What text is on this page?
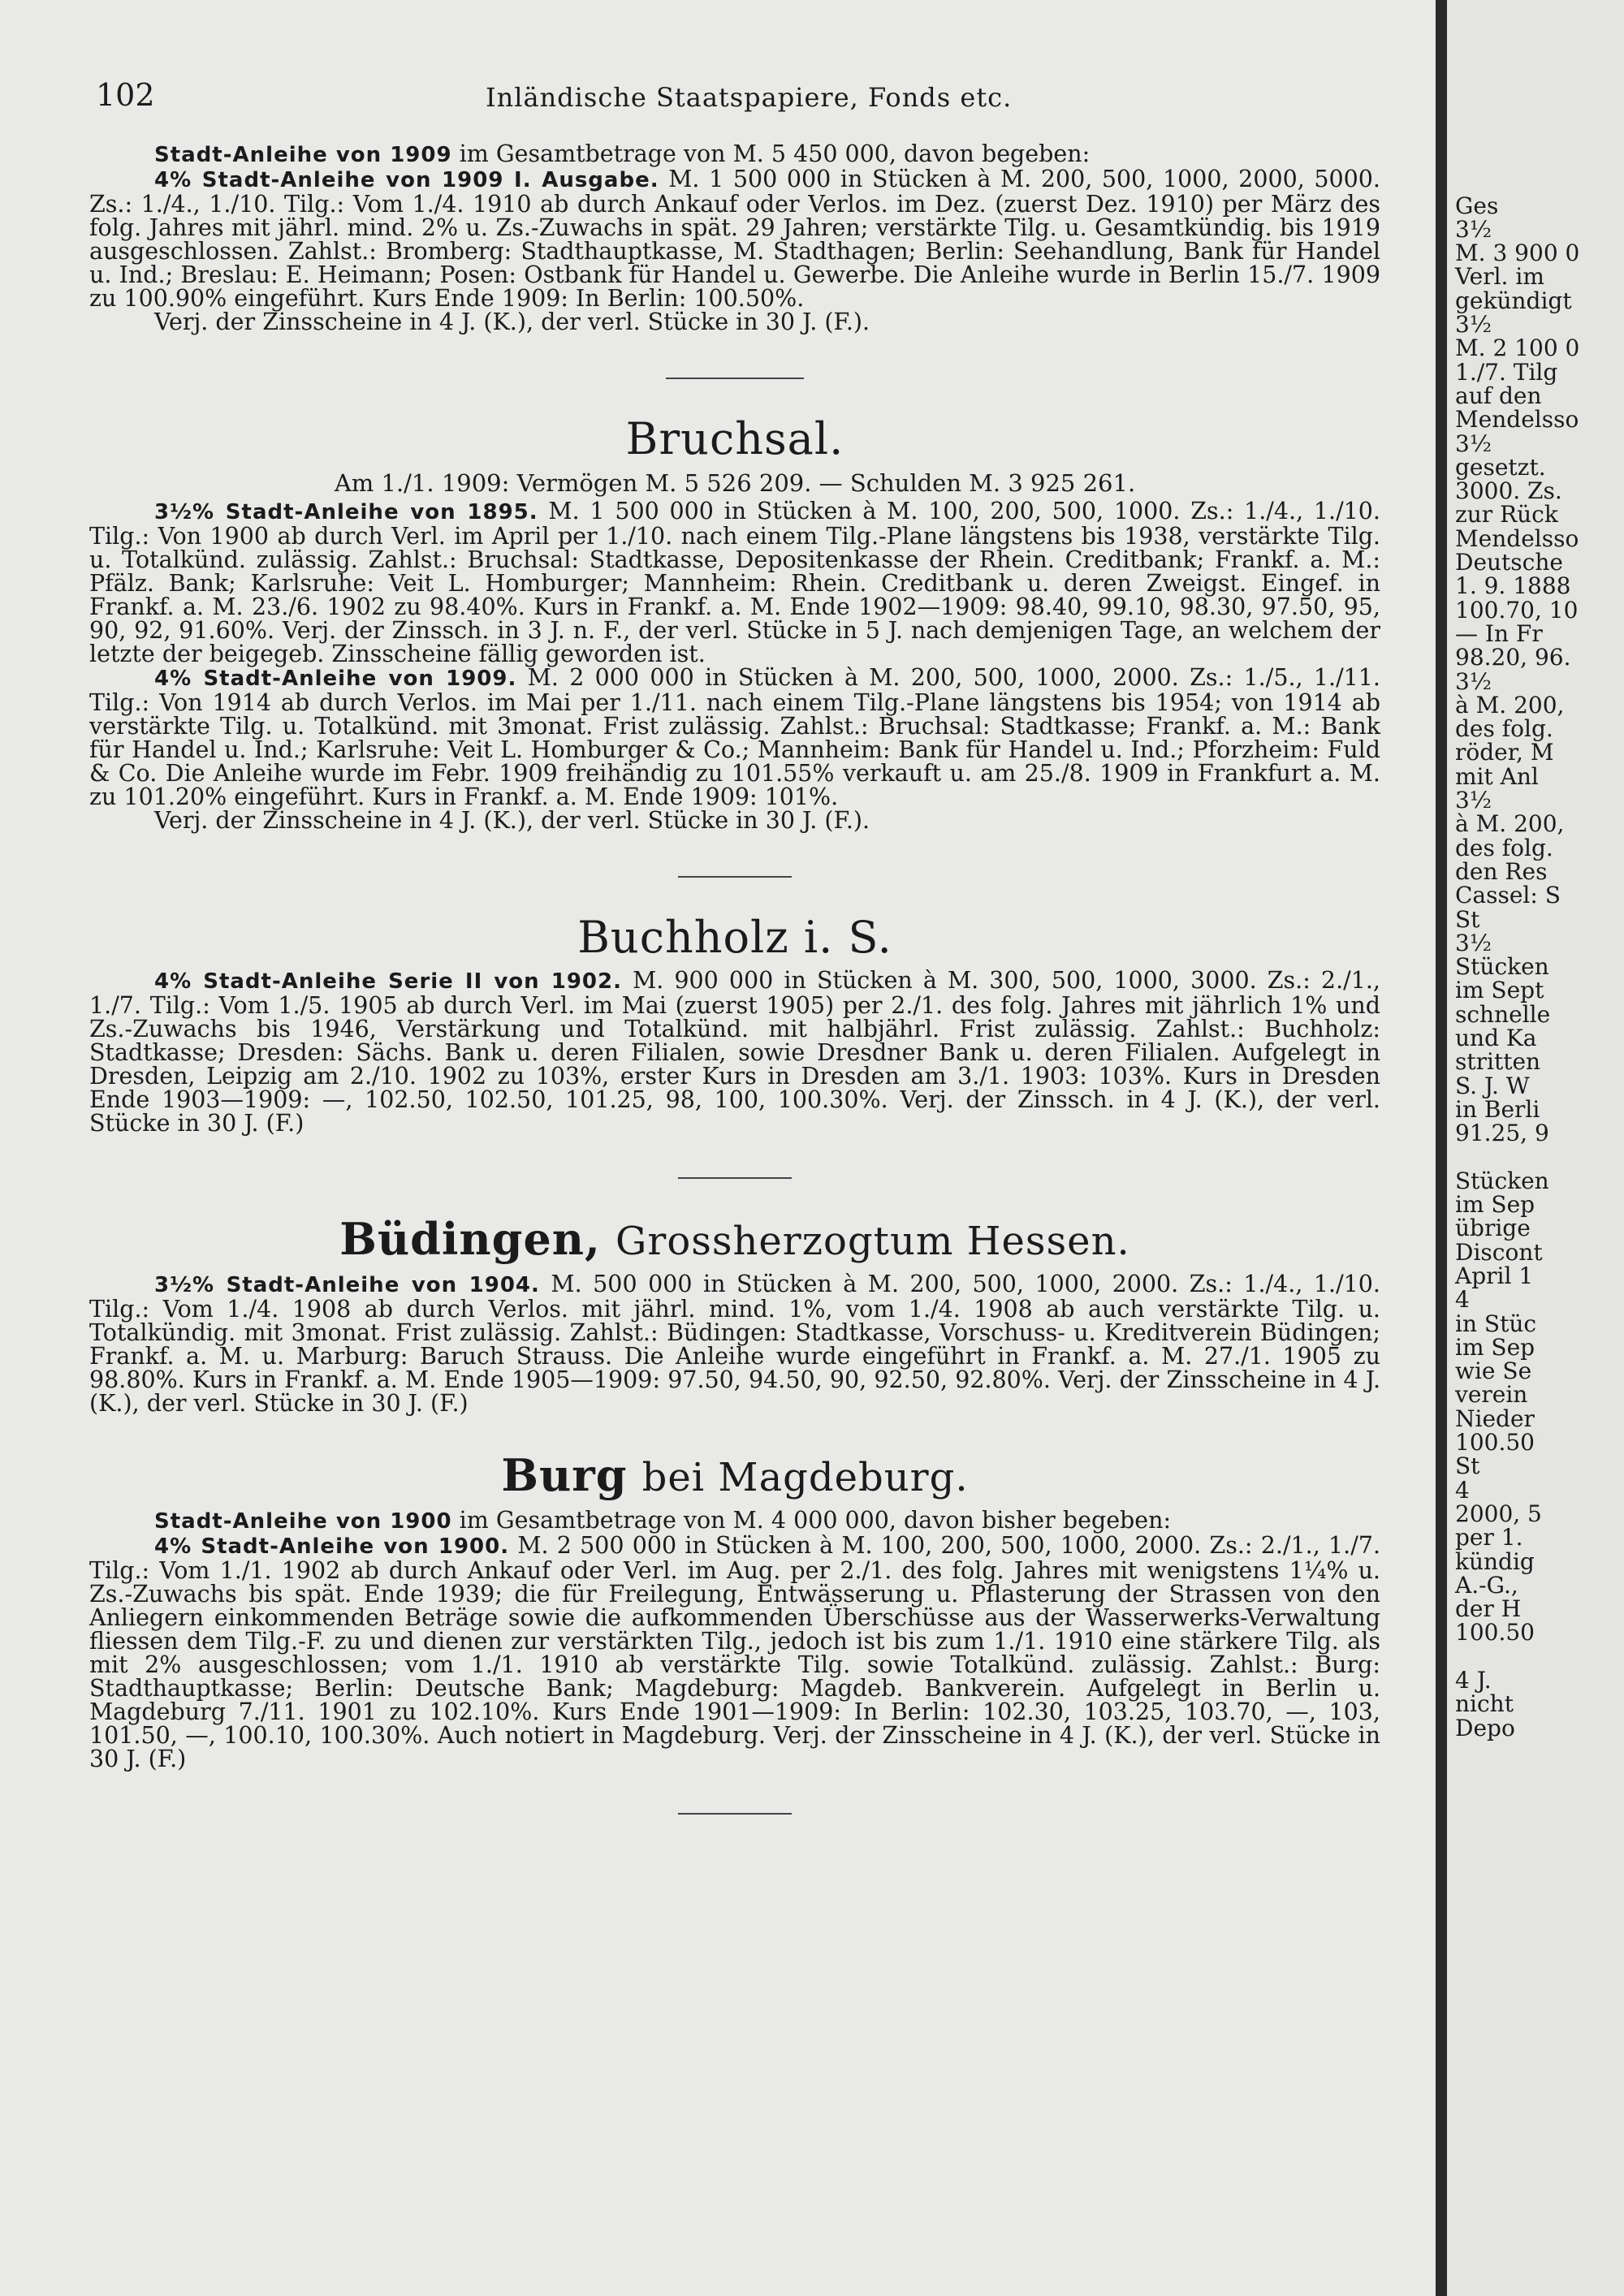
102	Inländische Staatspapiere, Fonds etc.

Stadt-Anleihe von 1909 im Gesamtbetrage von M. 5 450 000, davon begeben:

4% Stadt-Anleihe von 1909 I. Ausgabe. M. 1 500 000 in Stücken à M. 200, 500, 1000, 2000, 5000. Zs.: 1./4., 1./10. Tilg.: Vom 1./4. 1910 ab durch Ankauf oder Verlos. im Dez. (zuerst Dez. 1910) per März des folg. Jahres mit jährl. mind. 2% u. Zs.-Zuwachs in spät. 29 Jahren; verstärkte Tilg. u. Gesamtkündig. bis 1919 ausgeschlossen. Zahlst.: Bromberg: Stadthauptkasse, M. Stadthagen; Berlin: Seehandlung, Bank für Handel u. Ind.; Breslau: E. Heimann; Posen: Ostbank für Handel u. Gewerbe. Die Anleihe wurde in Berlin 15./7. 1909 zu 100.90% eingeführt. Kurs Ende 1909: In Berlin: 100.50%.

Verj. der Zinsscheine in 4 J. (K.), der verl. Stücke in 30 J. (F.).

Bruchsal.

Am 1./1. 1909: Vermögen M. 5 526 209. — Schulden M. 3 925 261.

3½% Stadt-Anleihe von 1895. M. 1 500 000 in Stücken à M. 100, 200, 500, 1000. Zs.: 1./4., 1./10. Tilg.: Von 1900 ab durch Verl. im April per 1./10. nach einem Tilg.-Plane längstens bis 1938, verstärkte Tilg. u. Totalkünd. zulässig. Zahlst.: Bruchsal: Stadtkasse, Depositenkasse der Rhein. Creditbank; Frankf. a. M.: Pfälz. Bank; Karlsruhe: Veit L. Homburger; Mannheim: Rhein. Creditbank u. deren Zweigst. Eingef. in Frankf. a. M. 23./6. 1902 zu 98.40%. Kurs in Frankf. a. M. Ende 1902—1909: 98.40, 99.10, 98.30, 97.50, 95, 90, 92, 91.60%. Verj. der Zinssch. in 3 J. n. F., der verl. Stücke in 5 J. nach demjenigen Tage, an welchem der letzte der beigegeb. Zinsscheine fällig geworden ist.

4% Stadt-Anleihe von 1909. M. 2 000 000 in Stücken à M. 200, 500, 1000, 2000. Zs.: 1./5., 1./11. Tilg.: Von 1914 ab durch Verlos. im Mai per 1./11. nach einem Tilg.-Plane längstens bis 1954; von 1914 ab verstärkte Tilg. u. Totalkünd. mit 3monat. Frist zulässig. Zahlst.: Bruchsal: Stadtkasse; Frankf. a. M.: Bank für Handel u. Ind.; Karlsruhe: Veit L. Homburger & Co.; Mannheim: Bank für Handel u. Ind.; Pforzheim: Fuld & Co. Die Anleihe wurde im Febr. 1909 freihändig zu 101.55% verkauft u. am 25./8. 1909 in Frankfurt a. M. zu 101.20% eingeführt. Kurs in Frankf. a. M. Ende 1909: 101%.

Verj. der Zinsscheine in 4 J. (K.), der verl. Stücke in 30 J. (F.).

Buchholz i. S.

4% Stadt-Anleihe Serie II von 1902. M. 900 000 in Stücken à M. 300, 500, 1000, 3000. Zs.: 2./1., 1./7. Tilg.: Vom 1./5. 1905 ab durch Verl. im Mai (zuerst 1905) per 2./1. des folg. Jahres mit jährlich 1% und Zs.-Zuwachs bis 1946, Verstärkung und Totalkünd. mit halbjährl. Frist zulässig. Zahlst.: Buchholz: Stadtkasse; Dresden: Sächs. Bank u. deren Filialen, sowie Dresdner Bank u. deren Filialen. Aufgelegt in Dresden, Leipzig am 2./10. 1902 zu 103%, erster Kurs in Dresden am 3./1. 1903: 103%. Kurs in Dresden Ende 1903—1909: —, 102.50, 102.50, 101.25, 98, 100, 100.30%. Verj. der Zinssch. in 4 J. (K.), der verl. Stücke in 30 J. (F.)

Büdingen, Grossherzogtum Hessen.

3½% Stadt-Anleihe von 1904. M. 500 000 in Stücken à M. 200, 500, 1000, 2000. Zs.: 1./4., 1./10. Tilg.: Vom 1./4. 1908 ab durch Verlos. mit jährl. mind. 1%, vom 1./4. 1908 ab auch verstärkte Tilg. u. Totalkündig. mit 3monat. Frist zulässig. Zahlst.: Büdingen: Stadtkasse, Vorschuss- u. Kreditverein Büdingen; Frankf. a. M. u. Marburg: Baruch Strauss. Die Anleihe wurde eingeführt in Frankf. a. M. 27./1. 1905 zu 98.80%. Kurs in Frankf. a. M. Ende 1905—1909: 97.50, 94.50, 90, 92.50, 92.80%. Verj. der Zinsscheine in 4 J. (K.), der verl. Stücke in 30 J. (F.)

Burg bei Magdeburg.

Stadt-Anleihe von 1900 im Gesamtbetrage von M. 4 000 000, davon bisher begeben:

4% Stadt-Anleihe von 1900. M. 2 500 000 in Stücken à M. 100, 200, 500, 1000, 2000. Zs.: 2./1., 1./7. Tilg.: Vom 1./1. 1902 ab durch Ankauf oder Verl. im Aug. per 2./1. des folg. Jahres mit wenigstens 1¼% u. Zs.-Zuwachs bis spät. Ende 1939; die für Freilegung, Entwässerung u. Pflasterung der Strassen von den Anliegern einkommenden Beträge sowie die aufkommenden Überschüsse aus der Wasserwerks-Verwaltung fliessen dem Tilg.-F. zu und dienen zur verstärkten Tilg., jedoch ist bis zum 1./1. 1910 eine stärkere Tilg. als mit 2% ausgeschlossen; vom 1./1. 1910 ab verstärkte Tilg. sowie Totalkünd. zulässig. Zahlst.: Burg: Stadthauptkasse; Berlin: Deutsche Bank; Magdeburg: Magdeb. Bankverein. Aufgelegt in Berlin u. Magdeburg 7./11. 1901 zu 102.10%. Kurs Ende 1901—1909: In Berlin: 102.30, 103.25, 103.70, —, 103, 101.50, —, 100.10, 100.30%. Auch notiert in Magdeburg. Verj. der Zinsscheine in 4 J. (K.), der verl. Stücke in 30 J. (F.)

Ges
3½
M. 3 900 0
Verl. im
gekündigt
3½
M. 2 100 0
1./7. Tilg
auf den
Mendelsso
3½
gesetzt.
3000. Zs.
zur Rück
Mendelsso
Deutsche
1. 9. 1888
100.70, 10
— In Fr
98.20, 96.
3½
à M. 200,
des folg.
röder, M
mit Anl
3½
à M. 200,
des folg.
den Res
Cassel: S
St
3½
Stücken
im Sept
schnelle
und Ka
stritten
S. J. W
in Berli
91.25, 9

Stücken
im Sep
übrige
Discont
April 1
4
in Stüc
im Sep
wie Se
verein
Nieder
100.50
St
4
2000, 5
per 1.
kündig
A.-G.,
der H
100.50

4 J.
nicht
Depo
